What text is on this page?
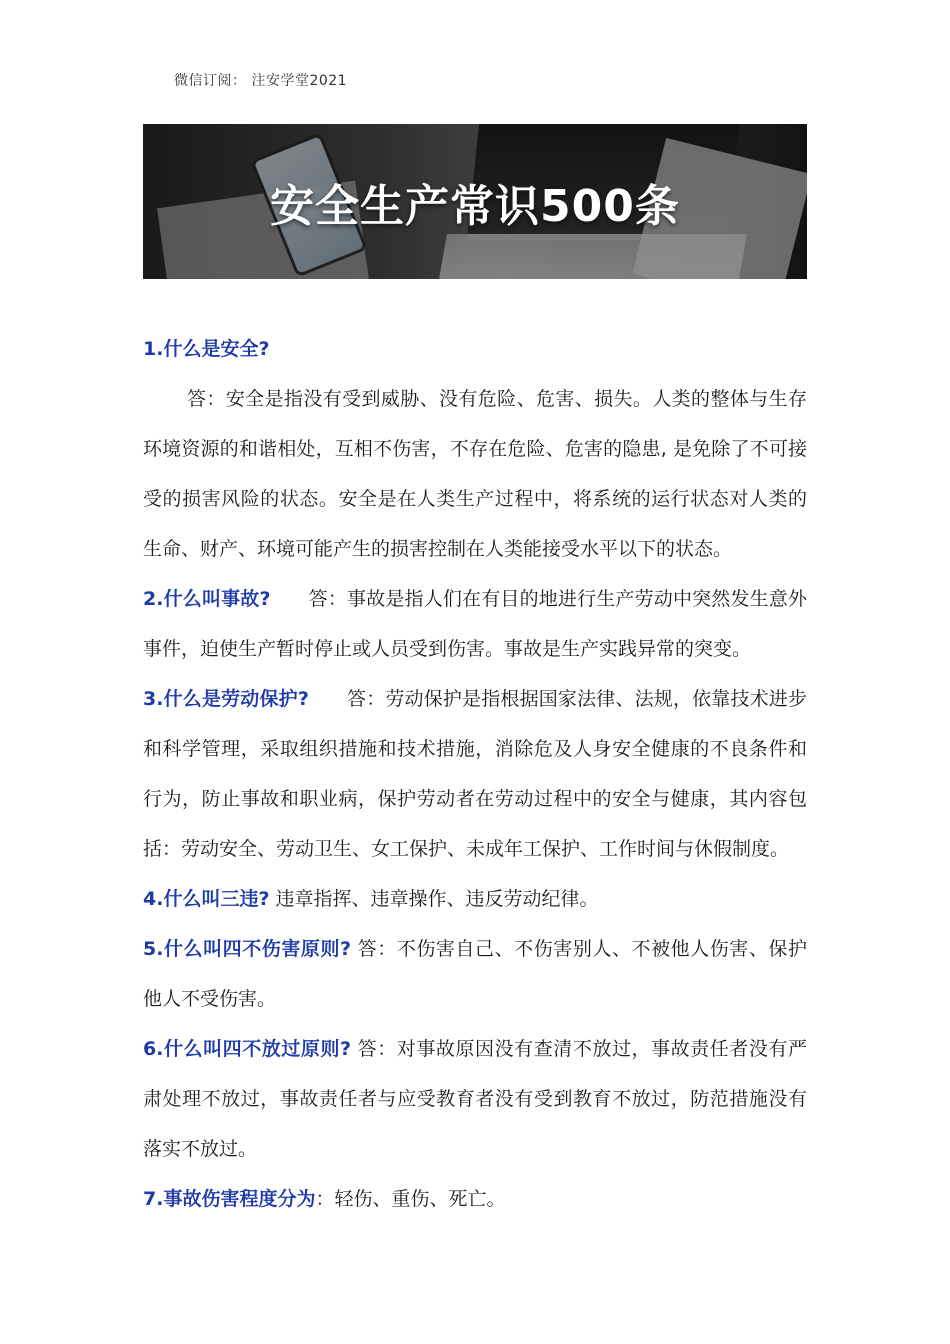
微信订阅： 注安学堂2021
安全生产常识500条

1.什么是安全?

答：安全是指没有受到威胁、没有危险、危害、损失。人类的整体与生存环境资源的和谐相处，互相不伤害，不存在危险、危害的隐患, 是免除了不可接受的损害风险的状态。安全是在人类生产过程中，将系统的运行状态对人类的生命、财产、环境可能产生的损害控制在人类能接受水平以下的状态。

2.什么叫事故? 答：事故是指人们在有目的地进行生产劳动中突然发生意外事件，迫使生产暂时停止或人员受到伤害。事故是生产实践异常的突变。

3.什么是劳动保护? 答：劳动保护是指根据国家法律、法规，依靠技术进步和科学管理，采取组织措施和技术措施，消除危及人身安全健康的不良条件和行为，防止事故和职业病，保护劳动者在劳动过程中的安全与健康，其内容包括：劳动安全、劳动卫生、女工保护、未成年工保护、工作时间与休假制度。

4.什么叫三违? 违章指挥、违章操作、违反劳动纪律。

5.什么叫四不伤害原则? 答：不伤害自己、不伤害别人、不被他人伤害、保护他人不受伤害。

6.什么叫四不放过原则? 答：对事故原因没有查清不放过，事故责任者没有严肃处理不放过，事故责任者与应受教育者没有受到教育不放过，防范措施没有落实不放过。

7.事故伤害程度分为：轻伤、重伤、死亡。
